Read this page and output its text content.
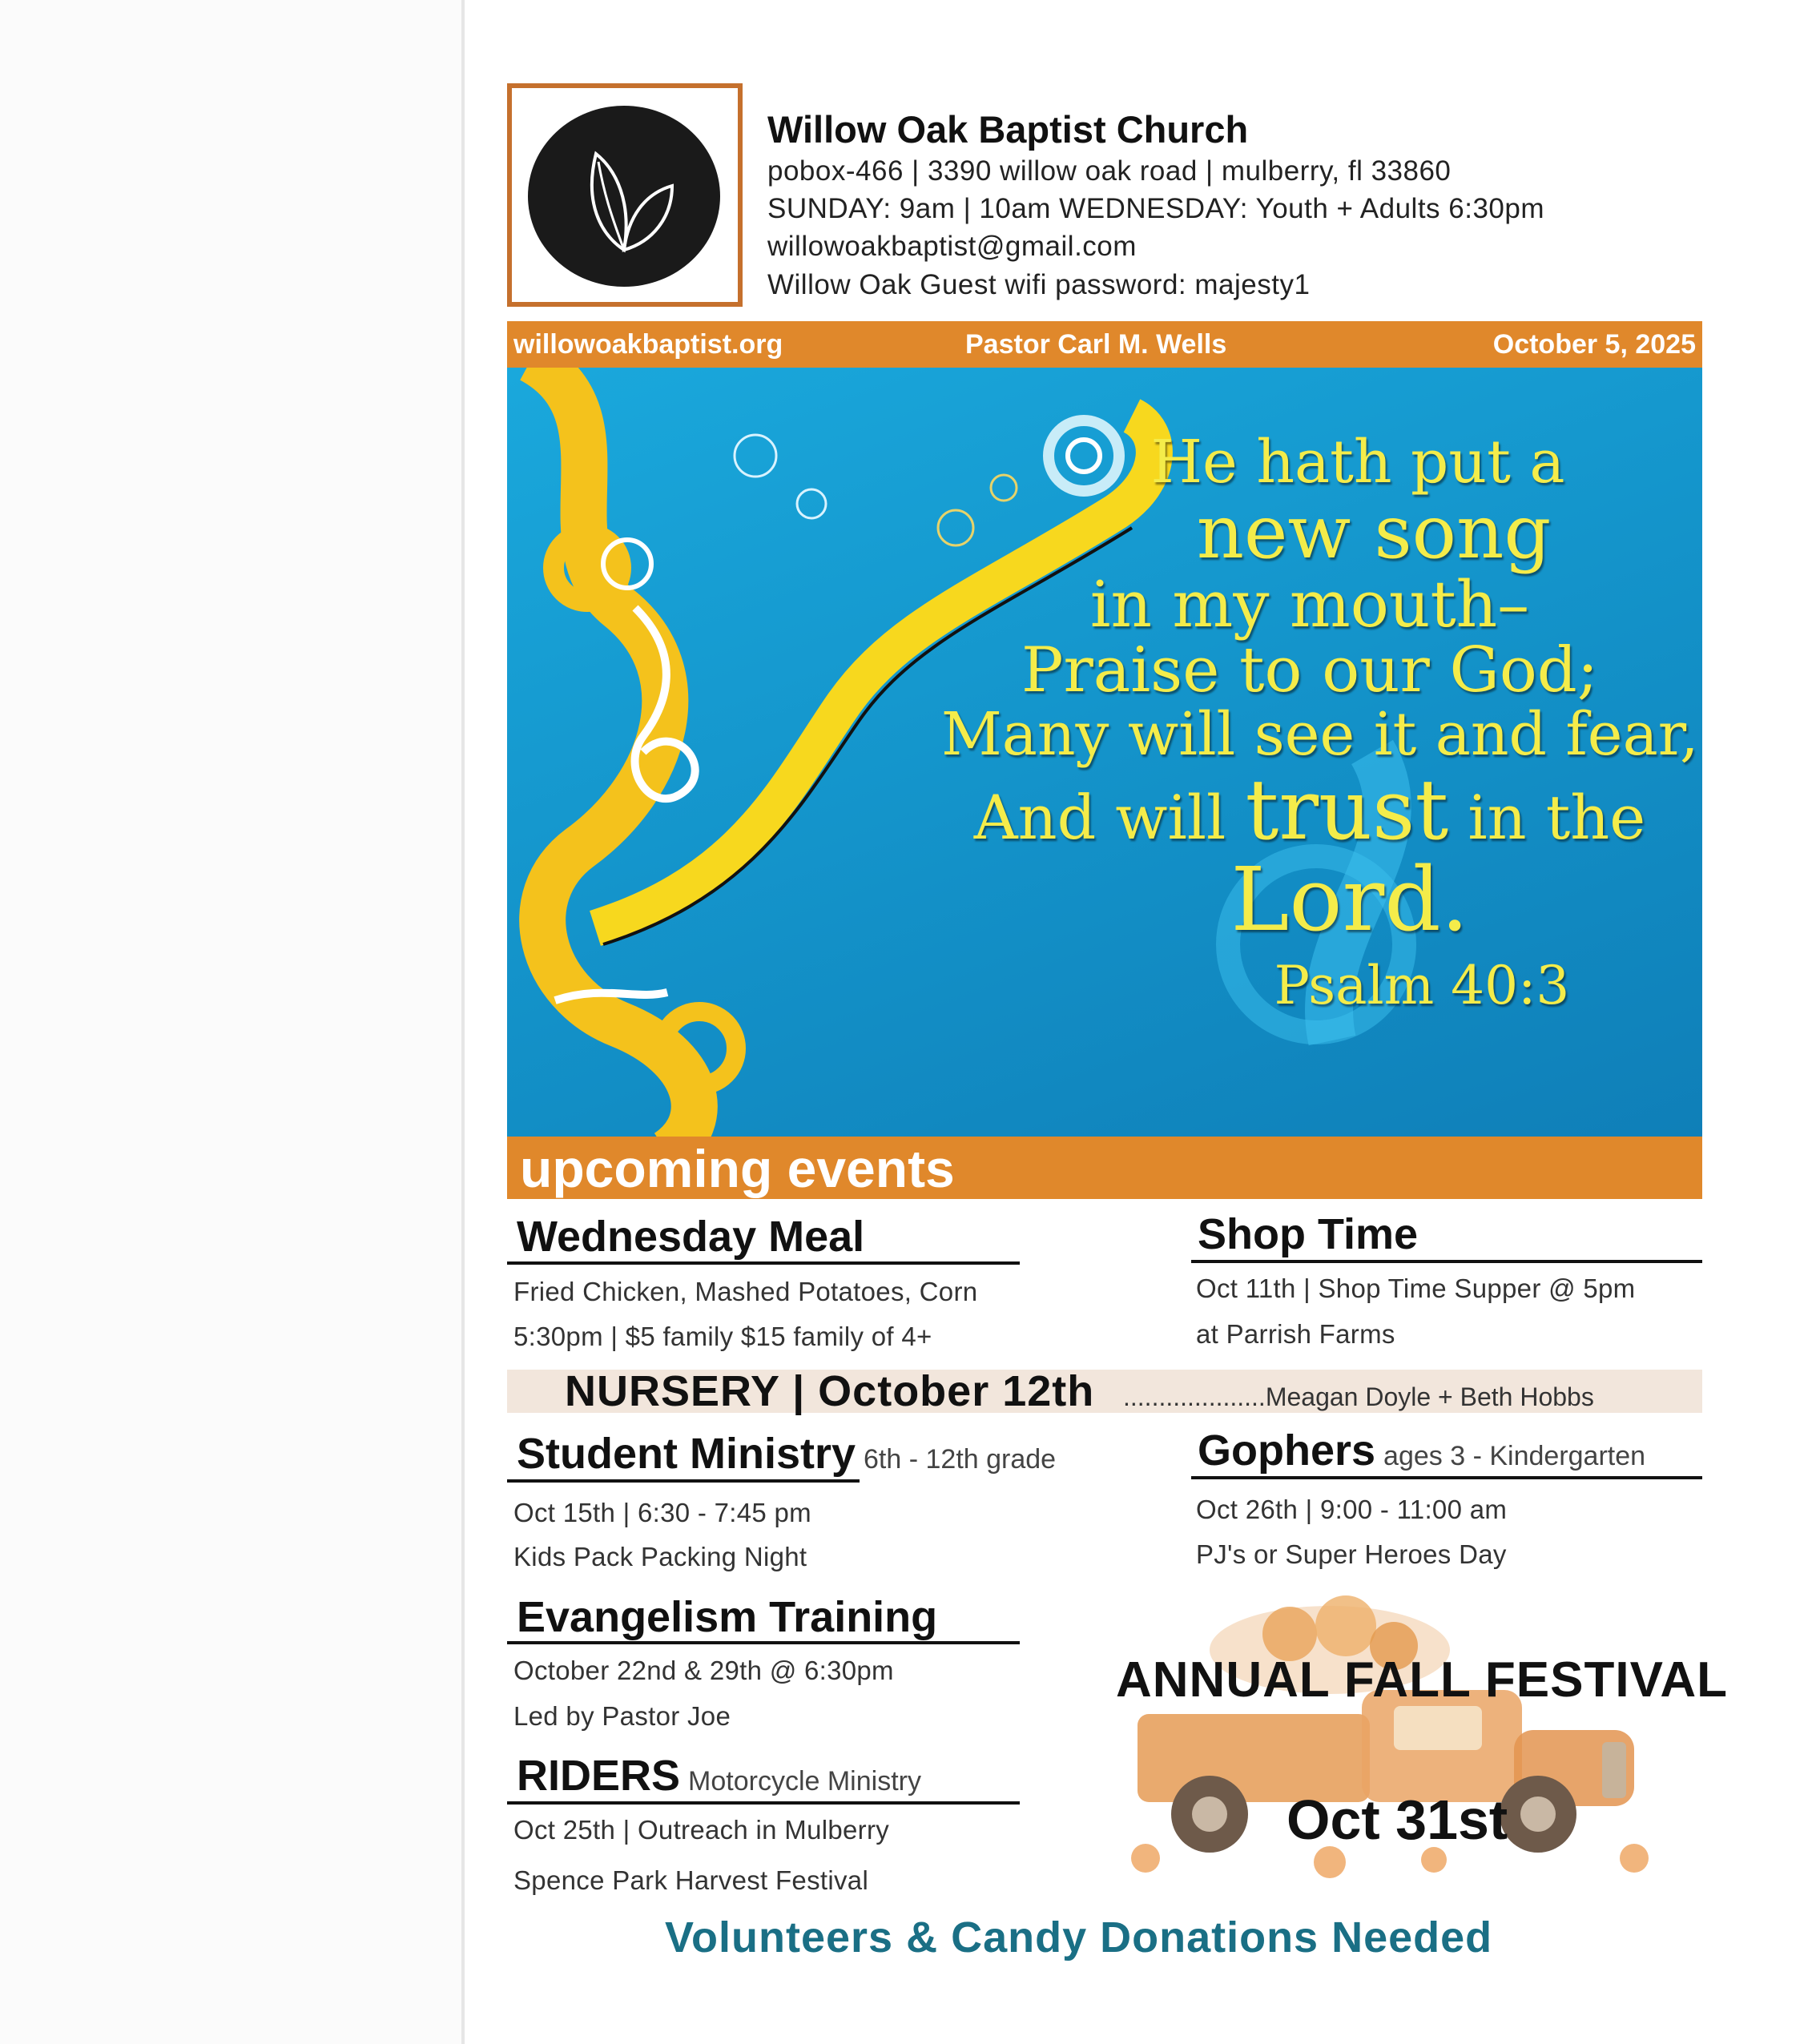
Willow Oak Baptist Church
pobox-466 | 3390 willow oak road | mulberry, fl 33860
SUNDAY: 9am | 10am WEDNESDAY: Youth + Adults 6:30pm
willowoakbaptist@gmail.com
Willow Oak Guest wifi password: majesty1
willowoakbaptist.org	Pastor Carl M. Wells	October 5, 2025
He hath put a
new song
in my mouth–
Praise to our God;
Many will see it and fear,
And will trust in the
Lord.
Psalm 40:3
upcoming events
Wednesday Meal
Fried Chicken, Mashed Potatoes, Corn
5:30pm | $5 family $15 family of 4+
Shop Time
Oct 11th | Shop Time Supper @ 5pm
at Parrish Farms
NURSERY | October 12th ....................Meagan Doyle + Beth Hobbs
Student Ministry 6th - 12th grade
Oct 15th | 6:30 - 7:45 pm
Kids Pack Packing Night
Gophers ages 3 - Kindergarten
Oct 26th | 9:00 - 11:00 am
PJ's or Super Heroes Day
Evangelism Training
October 22nd & 29th @ 6:30pm
Led by Pastor Joe
RIDERS Motorcycle Ministry
Oct 25th | Outreach in Mulberry
Spence Park Harvest Festival
ANNUAL FALL FESTIVAL
Oct 31st
Volunteers & Candy Donations Needed
